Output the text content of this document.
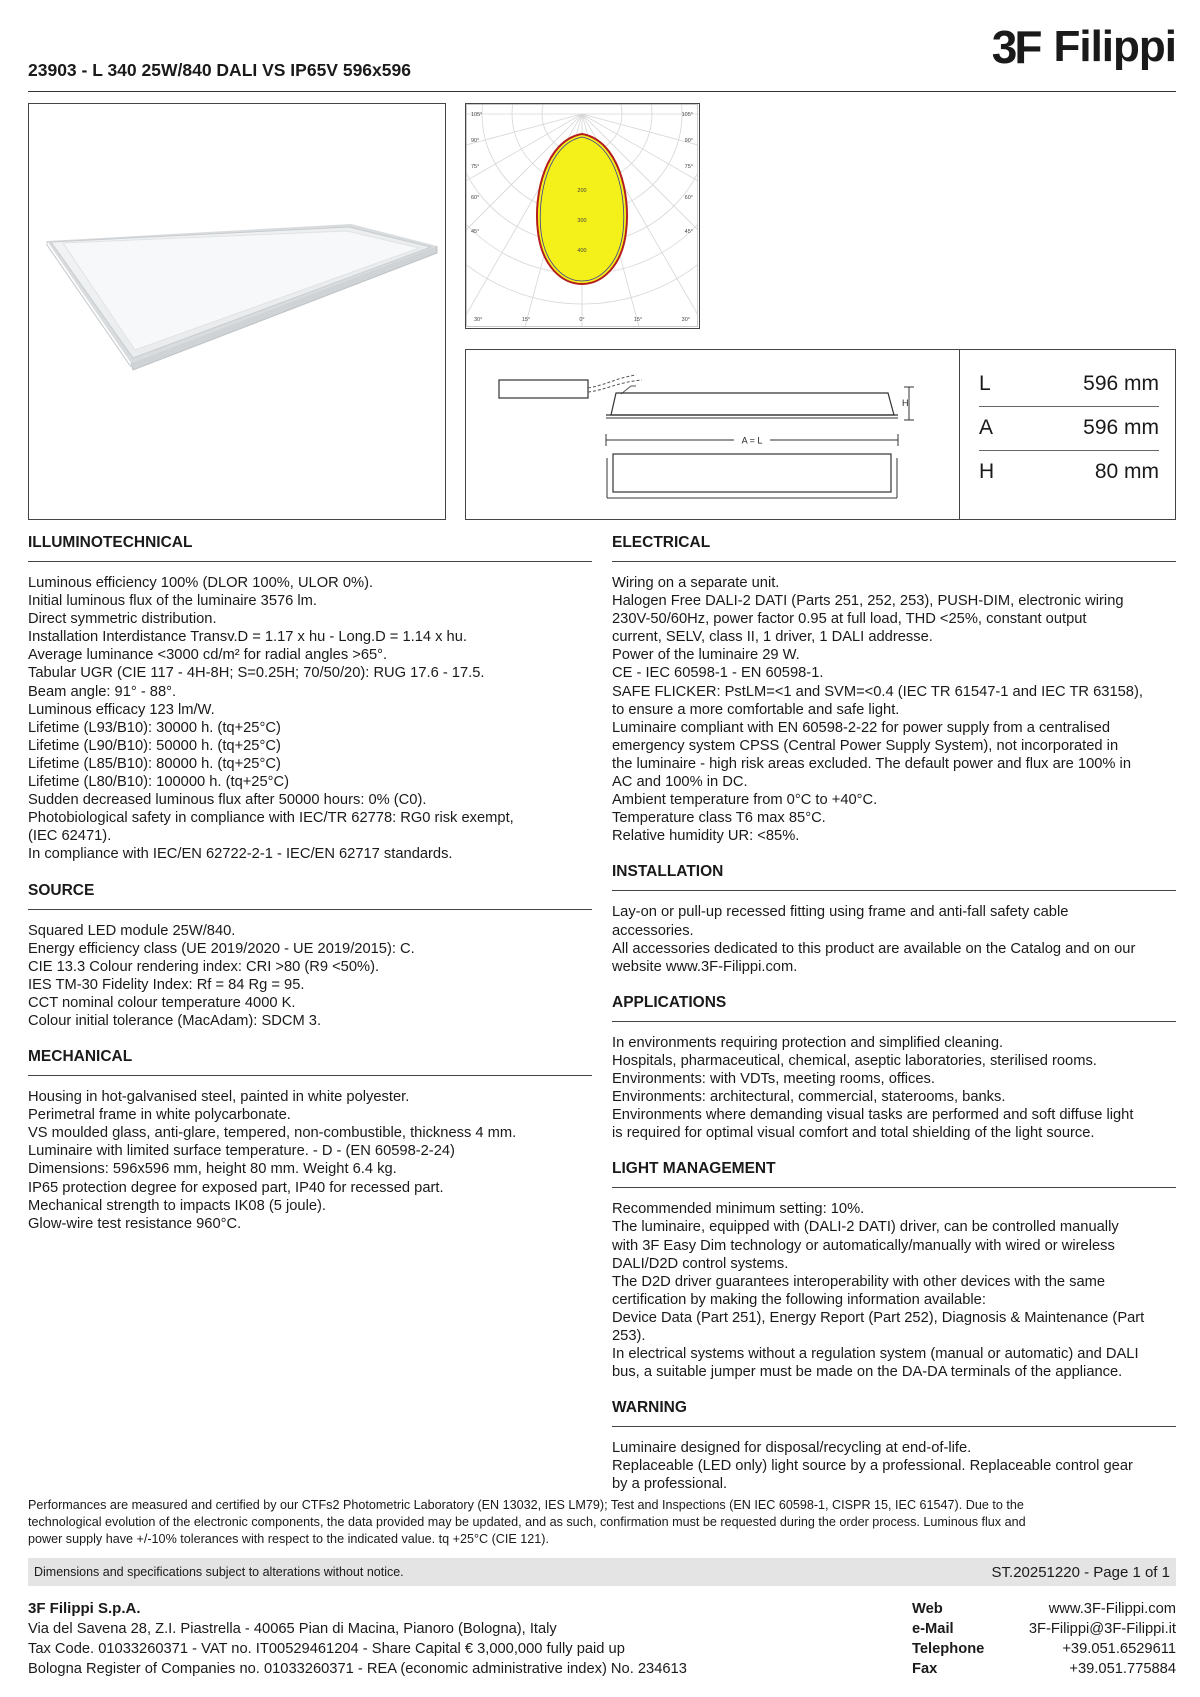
3F Filippi
23903 - L 340 25W/840 DALI VS IP65V 596x596
105°
90°
75°
60°
45°
105°
90°
75°
60°
45°
30°	15°	0°	15°	30°
200
300
400
H
A = L
L	596 mm
A	596 mm
H	80 mm
ILLUMINOTECHNICAL
Luminous efficiency 100% (DLOR 100%, ULOR 0%).
Initial luminous flux of the luminaire 3576 lm.
Direct symmetric distribution.
Installation Interdistance Transv.D = 1.17 x hu - Long.D = 1.14 x hu.
Average luminance <3000 cd/m² for radial angles >65°.
Tabular UGR (CIE 117 - 4H-8H; S=0.25H; 70/50/20): RUG 17.6 - 17.5.
Beam angle: 91° - 88°.
Luminous efficacy 123 lm/W.
Lifetime (L93/B10): 30000 h. (tq+25°C)
Lifetime (L90/B10): 50000 h. (tq+25°C)
Lifetime (L85/B10): 80000 h. (tq+25°C)
Lifetime (L80/B10): 100000 h. (tq+25°C)
Sudden decreased luminous flux after 50000 hours: 0% (C0).
Photobiological safety in compliance with IEC/TR 62778: RG0 risk exempt,
(IEC 62471).
In compliance with IEC/EN 62722-2-1 - IEC/EN 62717 standards.
SOURCE
Squared LED module 25W/840.
Energy efficiency class (UE 2019/2020 - UE 2019/2015): C.
CIE 13.3 Colour rendering index: CRI >80 (R9 <50%).
IES TM-30 Fidelity Index: Rf = 84 Rg = 95.
CCT nominal colour temperature 4000 K.
Colour initial tolerance (MacAdam): SDCM 3.
MECHANICAL
Housing in hot-galvanised steel, painted in white polyester.
Perimetral frame in white polycarbonate.
VS moulded glass, anti-glare, tempered, non-combustible, thickness 4 mm.
Luminaire with limited surface temperature. - D - (EN 60598-2-24)
Dimensions: 596x596 mm, height 80 mm. Weight 6.4 kg.
IP65 protection degree for exposed part, IP40 for recessed part.
Mechanical strength to impacts IK08 (5 joule).
Glow-wire test resistance 960°C.
ELECTRICAL
Wiring on a separate unit.
Halogen Free DALI-2 DATI (Parts 251, 252, 253), PUSH-DIM, electronic wiring
230V-50/60Hz, power factor 0.95 at full load, THD <25%, constant output
current, SELV, class II, 1 driver, 1 DALI addresse.
Power of the luminaire 29 W.
CE - IEC 60598-1 - EN 60598-1.
SAFE FLICKER: PstLM=<1 and SVM=<0.4 (IEC TR 61547-1 and IEC TR 63158),
to ensure a more comfortable and safe light.
Luminaire compliant with EN 60598-2-22 for power supply from a centralised
emergency system CPSS (Central Power Supply System), not incorporated in
the luminaire - high risk areas excluded. The default power and flux are 100% in
AC and 100% in DC.
Ambient temperature from 0°C to +40°C.
Temperature class T6 max 85°C.
Relative humidity UR: <85%.
INSTALLATION
Lay-on or pull-up recessed fitting using frame and anti-fall safety cable
accessories.
All accessories dedicated to this product are available on the Catalog and on our
website www.3F-Filippi.com.
APPLICATIONS
In environments requiring protection and simplified cleaning.
Hospitals, pharmaceutical, chemical, aseptic laboratories, sterilised rooms.
Environments: with VDTs, meeting rooms, offices.
Environments: architectural, commercial, staterooms, banks.
Environments where demanding visual tasks are performed and soft diffuse light
is required for optimal visual comfort and total shielding of the light source.
LIGHT MANAGEMENT
Recommended minimum setting: 10%.
The luminaire, equipped with (DALI-2 DATI) driver, can be controlled manually
with 3F Easy Dim technology or automatically/manually with wired or wireless
DALI/D2D control systems.
The D2D driver guarantees interoperability with other devices with the same
certification by making the following information available:
Device Data (Part 251), Energy Report (Part 252), Diagnosis & Maintenance (Part
253).
In electrical systems without a regulation system (manual or automatic) and DALI
bus, a suitable jumper must be made on the DA-DA terminals of the appliance.
WARNING
Luminaire designed for disposal/recycling at end-of-life.
Replaceable (LED only) light source by a professional. Replaceable control gear
by a professional.
Performances are measured and certified by our CTFs2 Photometric Laboratory (EN 13032, IES LM79); Test and Inspections (EN IEC 60598-1, CISPR 15, IEC 61547). Due to the
technological evolution of the electronic components, the data provided may be updated, and as such, confirmation must be requested during the order process. Luminous flux and
power supply have +/-10% tolerances with respect to the indicated value. tq +25°C (CIE 121).
Dimensions and specifications subject to alterations without notice.	ST.20251220 - Page 1 of 1
3F Filippi S.p.A.
Via del Savena 28, Z.I. Piastrella - 40065 Pian di Macina, Pianoro (Bologna), Italy
Tax Code. 01033260371 - VAT no. IT00529461204 - Share Capital € 3,000,000 fully paid up
Bologna Register of Companies no. 01033260371 - REA (economic administrative index) No. 234613
Web	www.3F-Filippi.com
e-Mail	3F-Filippi@3F-Filippi.it
Telephone	+39.051.6529611
Fax	+39.051.775884
